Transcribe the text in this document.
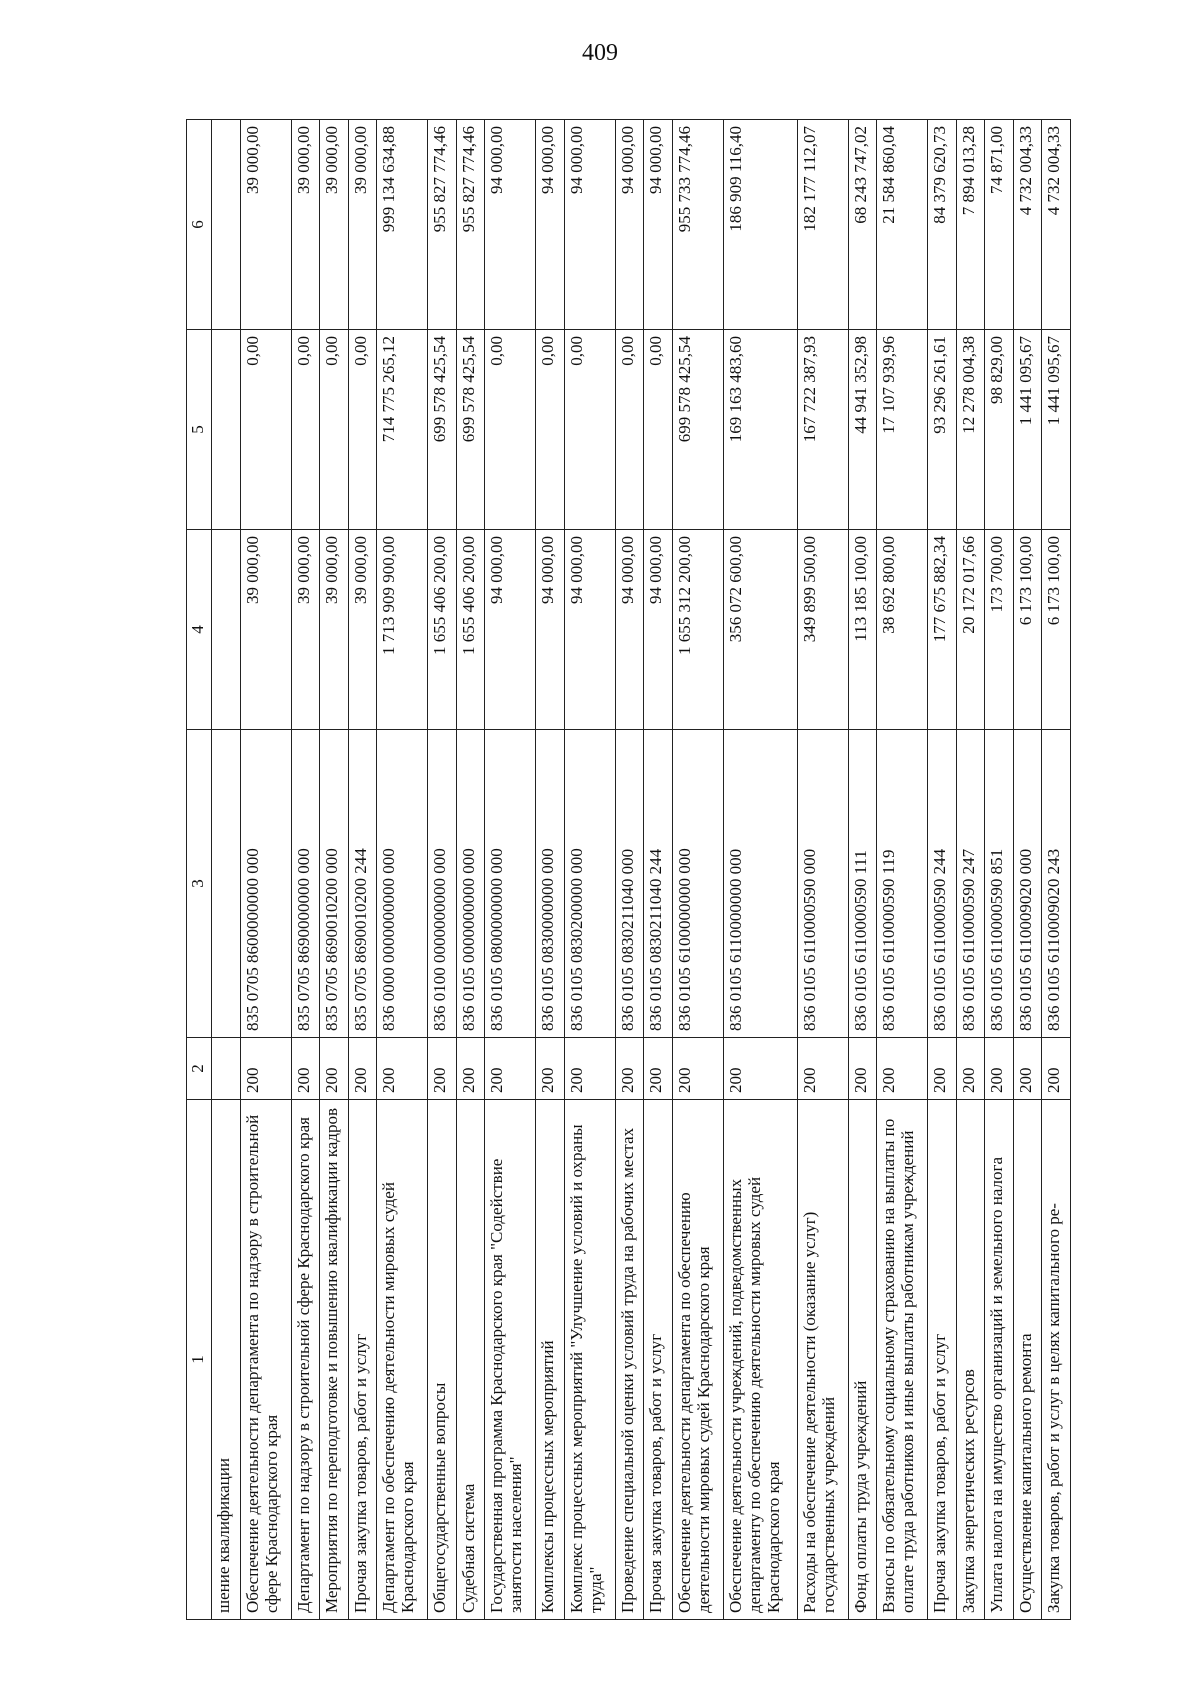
409
1	2	3	4	5	6
шение квалификации					
Обеспечение деятельности департамента по надзору в строительной сфере Краснодарского края	200	835 0705 8600000000 000	39 000,00	0,00	39 000,00
Департамент по надзору в строительной сфере Краснодарского края	200	835 0705 8690000000 000	39 000,00	0,00	39 000,00
Мероприятия по переподготовке и повышению квалификации кадров	200	835 0705 8690010200 000	39 000,00	0,00	39 000,00
Прочая закупка товаров, работ и услуг	200	835 0705 8690010200 244	39 000,00	0,00	39 000,00
Департамент по обеспечению деятельности мировых судей Краснодарского края	200	836 0000 0000000000 000	1 713 909 900,00	714 775 265,12	999 134 634,88
Общегосударственные вопросы	200	836 0100 0000000000 000	1 655 406 200,00	699 578 425,54	955 827 774,46
Судебная система	200	836 0105 0000000000 000	1 655 406 200,00	699 578 425,54	955 827 774,46
Государственная программа Краснодарского края "Содействие занятости населения"	200	836 0105 0800000000 000	94 000,00	0,00	94 000,00
Комплексы процессных мероприятий	200	836 0105 0830000000 000	94 000,00	0,00	94 000,00
Комплекс процессных мероприятий "Улучшение условий и охраны труда"	200	836 0105 0830200000 000	94 000,00	0,00	94 000,00
Проведение специальной оценки условий труда на рабочих местах	200	836 0105 0830211040 000	94 000,00	0,00	94 000,00
Прочая закупка товаров, работ и услуг	200	836 0105 0830211040 244	94 000,00	0,00	94 000,00
Обеспечение деятельности департамента по обеспечению деятельности мировых судей Краснодарского края	200	836 0105 6100000000 000	1 655 312 200,00	699 578 425,54	955 733 774,46
Обеспечение деятельности учреждений, подведомственных департаменту по обеспечению деятельности мировых судей Краснодарского края	200	836 0105 6110000000 000	356 072 600,00	169 163 483,60	186 909 116,40
Расходы на обеспечение деятельности (оказание услуг) государственных учреждений	200	836 0105 6110000590 000	349 899 500,00	167 722 387,93	182 177 112,07
Фонд оплаты труда учреждений	200	836 0105 6110000590 111	113 185 100,00	44 941 352,98	68 243 747,02
Взносы по обязательному социальному страхованию на выплаты по оплате труда работников и иные выплаты работникам учреждений	200	836 0105 6110000590 119	38 692 800,00	17 107 939,96	21 584 860,04
Прочая закупка товаров, работ и услуг	200	836 0105 6110000590 244	177 675 882,34	93 296 261,61	84 379 620,73
Закупка энергетических ресурсов	200	836 0105 6110000590 247	20 172 017,66	12 278 004,38	7 894 013,28
Уплата налога на имущество организаций и земельного налога	200	836 0105 6110000590 851	173 700,00	98 829,00	74 871,00
Осуществление капитального ремонта	200	836 0105 6110009020 000	6 173 100,00	1 441 095,67	4 732 004,33
Закупка товаров, работ и услуг в целях капитального ре-	200	836 0105 6110009020 243	6 173 100,00	1 441 095,67	4 732 004,33
